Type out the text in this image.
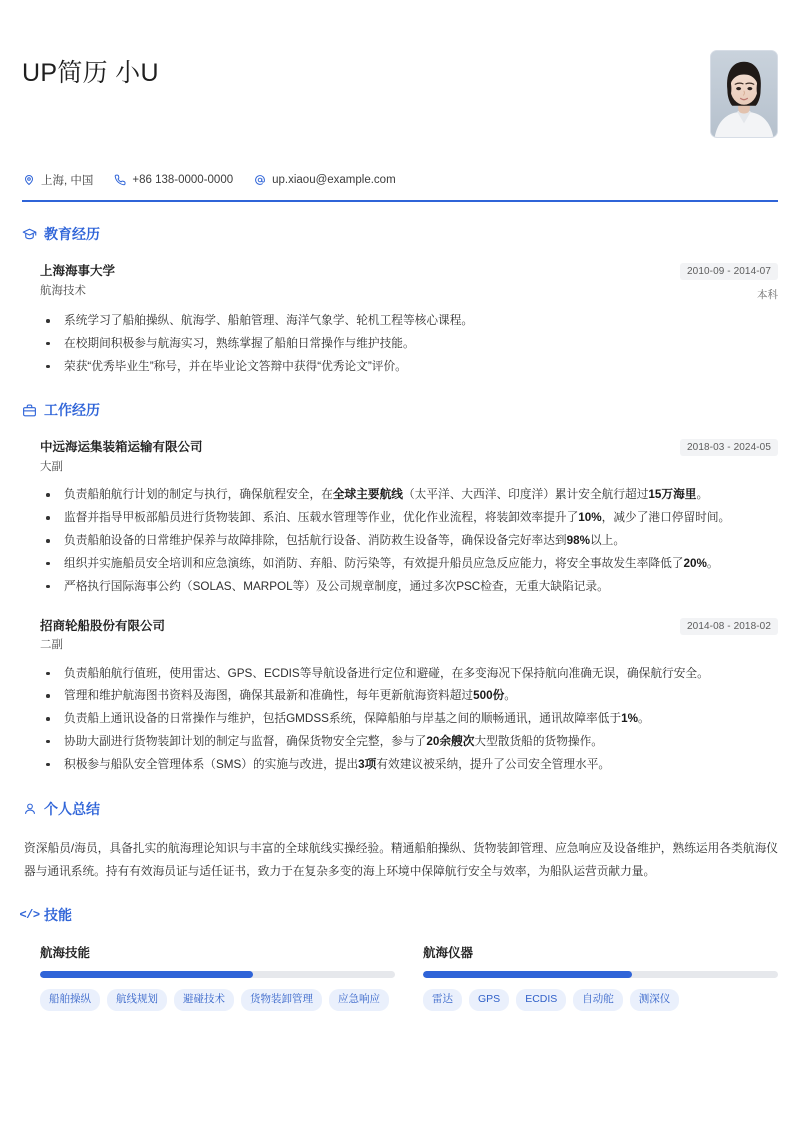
UP简历 小U
上海, 中国	+86 138-0000-0000	up.xiaou@example.com
教育经历
上海海事大学
航海技术
2010-09 - 2014-07
本科
系统学习了船舶操纵、航海学、船舶管理、海洋气象学、轮机工程等核心课程。
在校期间积极参与航海实习，熟练掌握了船舶日常操作与维护技能。
荣获“优秀毕业生”称号，并在毕业论文答辩中获得“优秀论文”评价。
工作经历
中远海运集装箱运输有限公司
大副
2018-03 - 2024-05
负责船舶航行计划的制定与执行，确保航程安全，在全球主要航线（太平洋、大西洋、印度洋）累计安全航行超过15万海里。
监督并指导甲板部船员进行货物装卸、系泊、压载水管理等作业，优化作业流程，将装卸效率提升了10%，减少了港口停留时间。
负责船舶设备的日常维护保养与故障排除，包括航行设备、消防救生设备等，确保设备完好率达到98%以上。
组织并实施船员安全培训和应急演练，如消防、弃船、防污染等，有效提升船员应急反应能力，将安全事故发生率降低了20%。
严格执行国际海事公约（SOLAS、MARPOL等）及公司规章制度，通过多次PSC检查，无重大缺陷记录。
招商轮船股份有限公司
二副
2014-08 - 2018-02
负责船舶航行值班，使用雷达、GPS、ECDIS等导航设备进行定位和避碰，在多变海况下保持航向准确无误，确保航行安全。
管理和维护航海图书资料及海图，确保其最新和准确性，每年更新航海资料超过500份。
负责船上通讯设备的日常操作与维护，包括GMDSS系统，保障船舶与岸基之间的顺畅通讯，通讯故障率低于1%。
协助大副进行货物装卸计划的制定与监督，确保货物安全完整，参与了20余艘次大型散货船的货物操作。
积极参与船队安全管理体系（SMS）的实施与改进，提出3项有效建议被采纳，提升了公司安全管理水平。
个人总结

资深船员/海员，具备扎实的航海理论知识与丰富的全球航线实操经验。精通船舶操纵、货物装卸管理、应急响应及设备维护，熟练运用各类航海仪器与通讯系统。持有有效海员证与适任证书，致力于在复杂多变的海上环境中保障航行安全与效率，为船队运营贡献力量。

</> 技能
航海技能
船舶操纵	航线规划	避碰技术	货物装卸管理	应急响应
航海仪器
雷达	GPS	ECDIS	自动舵	测深仪
